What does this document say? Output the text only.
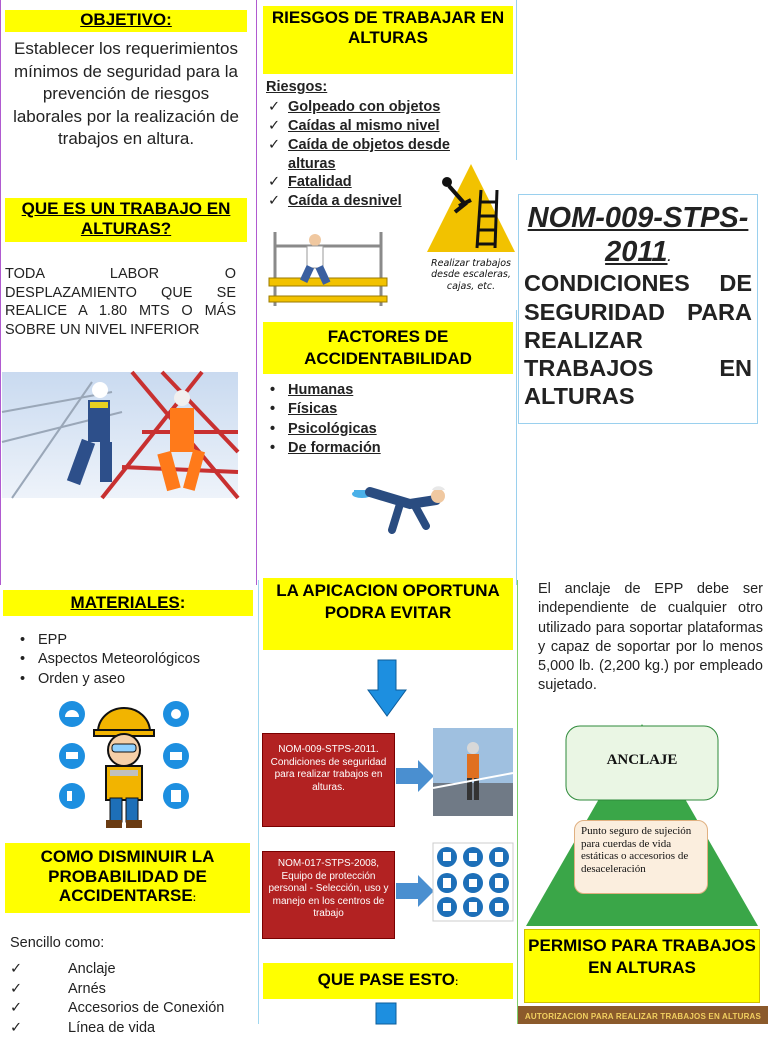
OBJETIVO:
Establecer los requerimientos mínimos de seguridad para la prevención de riesgos laborales por la realización de trabajos en altura.
QUE ES UN TRABAJO EN ALTURAS?
TODA LABOR O DESPLAZAMIENTO QUE SE REALICE A 1.80 MTS O MÁS SOBRE UN NIVEL INFERIOR
RIESGOS DE TRABAJAR EN ALTURAS
Riesgos:
✓ Golpeado con objetos
✓ Caídas al mismo nivel
✓ Caída de objetos desde alturas
✓ Fatalidad
✓ Caída a desnivel
Realizar trabajos desde escaleras, cajas, etc.
FACTORES DE ACCIDENTABILIDAD
• Humanas
• Físicas
• Psicológicas
• De formación
NOM-009-STPS-2011.
CONDICIONES DE SEGURIDAD PARA REALIZAR TRABAJOS EN ALTURAS
MATERIALES:
• EPP
• Aspectos Meteorológicos
• Orden y aseo
COMO DISMINUIR LA PROBABILIDAD DE ACCIDENTARSE:
Sencillo como:
✓ Anclaje
✓ Arnés
✓ Accesorios de Conexión
✓ Línea de vida
LA APICACION OPORTUNA PODRA EVITAR
NOM-009-STPS-2011. Condiciones de seguridad para realizar trabajos en alturas.
NOM-017-STPS-2008, Equipo de protección personal - Selección, uso y manejo en los centros de trabajo
QUE PASE ESTO:
El anclaje de EPP debe ser independiente de cualquier otro utilizado para soportar plataformas y capaz de soportar por lo menos 5,000 lb. (2,200 kg.) por empleado sujetado.
ANCLAJE
Punto seguro de sujeción para cuerdas de vida estáticas o accesorios de desaceleración
PERMISO PARA TRABAJOS EN ALTURAS
AUTORIZACION PARA REALIZAR TRABAJOS EN ALTURAS
